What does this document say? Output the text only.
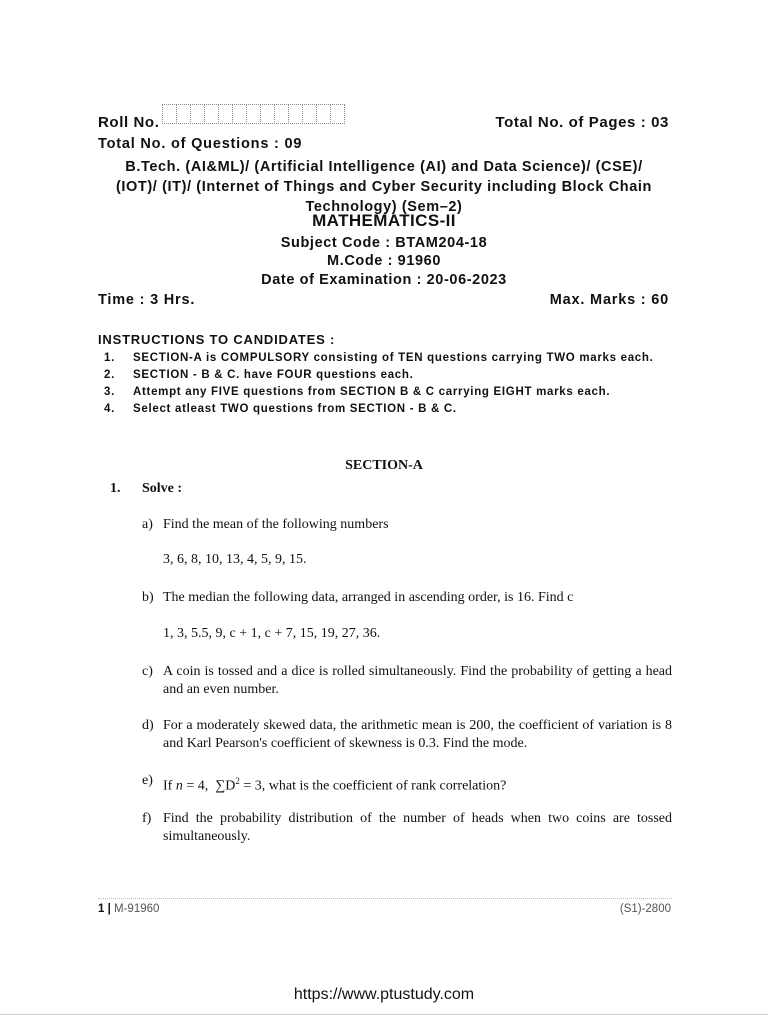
Roll No.	Total No. of Pages : 03
Total No. of Questions : 09
B.Tech. (AI&ML)/ (Artificial Intelligence (AI) and Data Science)/ (CSE)/
(IOT)/ (IT)/ (Internet of Things and Cyber Security including Block Chain
Technology) (Sem–2)
MATHEMATICS-II
Subject Code : BTAM204-18
M.Code : 91960
Date of Examination : 20-06-2023
Time : 3 Hrs.	Max. Marks : 60
INSTRUCTIONS TO CANDIDATES :
1.	SECTION-A is COMPULSORY consisting of TEN questions carrying TWO marks each.
2.	SECTION - B & C. have FOUR questions each.
3.	Attempt any FIVE questions from SECTION B & C carrying EIGHT marks each.
4.	Select atleast TWO questions from SECTION - B & C.
SECTION-A
1. Solve :
a) Find the mean of the following numbers
3, 6, 8, 10, 13, 4, 5, 9, 15.
b) The median the following data, arranged in ascending order, is 16. Find c
1, 3, 5.5, 9, c + 1, c + 7, 15, 19, 27, 36.
c) A coin is tossed and a dice is rolled simultaneously. Find the probability of getting a head and an even number.
d) For a moderately skewed data, the arithmetic mean is 200, the coefficient of variation is 8 and Karl Pearson's coefficient of skewness is 0.3. Find the mode.
e) If n = 4,  $\sum D^2 = 3$, what is the coefficient of rank correlation?
f) Find the probability distribution of the number of heads when two coins are tossed simultaneously.
1 | M-91960	(S1)-2800
https://www.ptustudy.com
